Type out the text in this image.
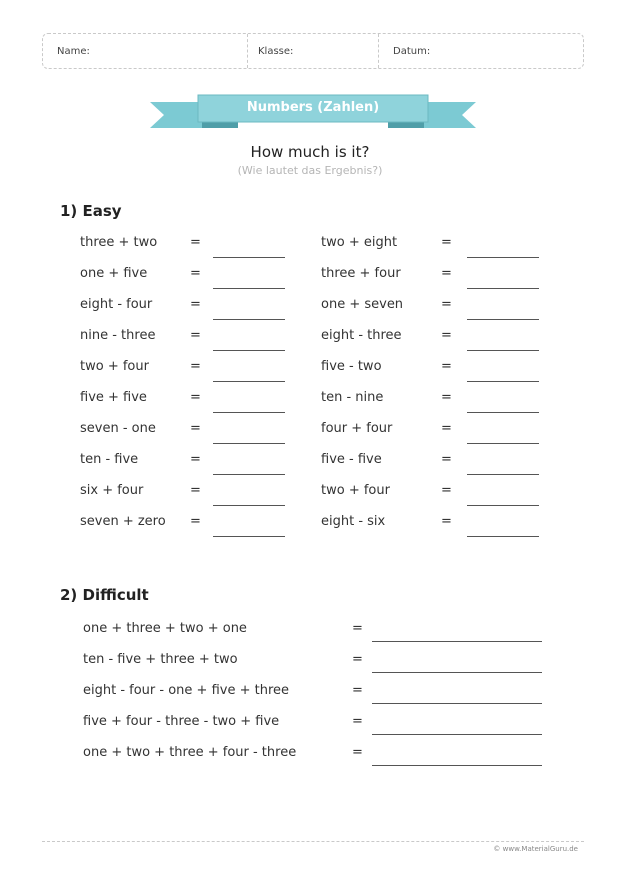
Name:	Klasse:	Datum:
Numbers (Zahlen)
How much is it?
(Wie lautet das Ergebnis?)
1) Easy
three + two	=	two + eight	=
one + five	=	three + four	=
eight - four	=	one + seven	=
nine - three	=	eight - three	=
two + four	=	five - two	=
five + five	=	ten - nine	=
seven - one	=	four + four	=
ten - five	=	five - five	=
six + four	=	two + four	=
seven + zero =	eight - six	=
2) Difficult
one + three + two + one	=
ten - five + three + two	=
eight - four - one + five + three	=
five + four - three - two + five	=
one + two + three + four - three	=
© www.MaterialGuru.de
